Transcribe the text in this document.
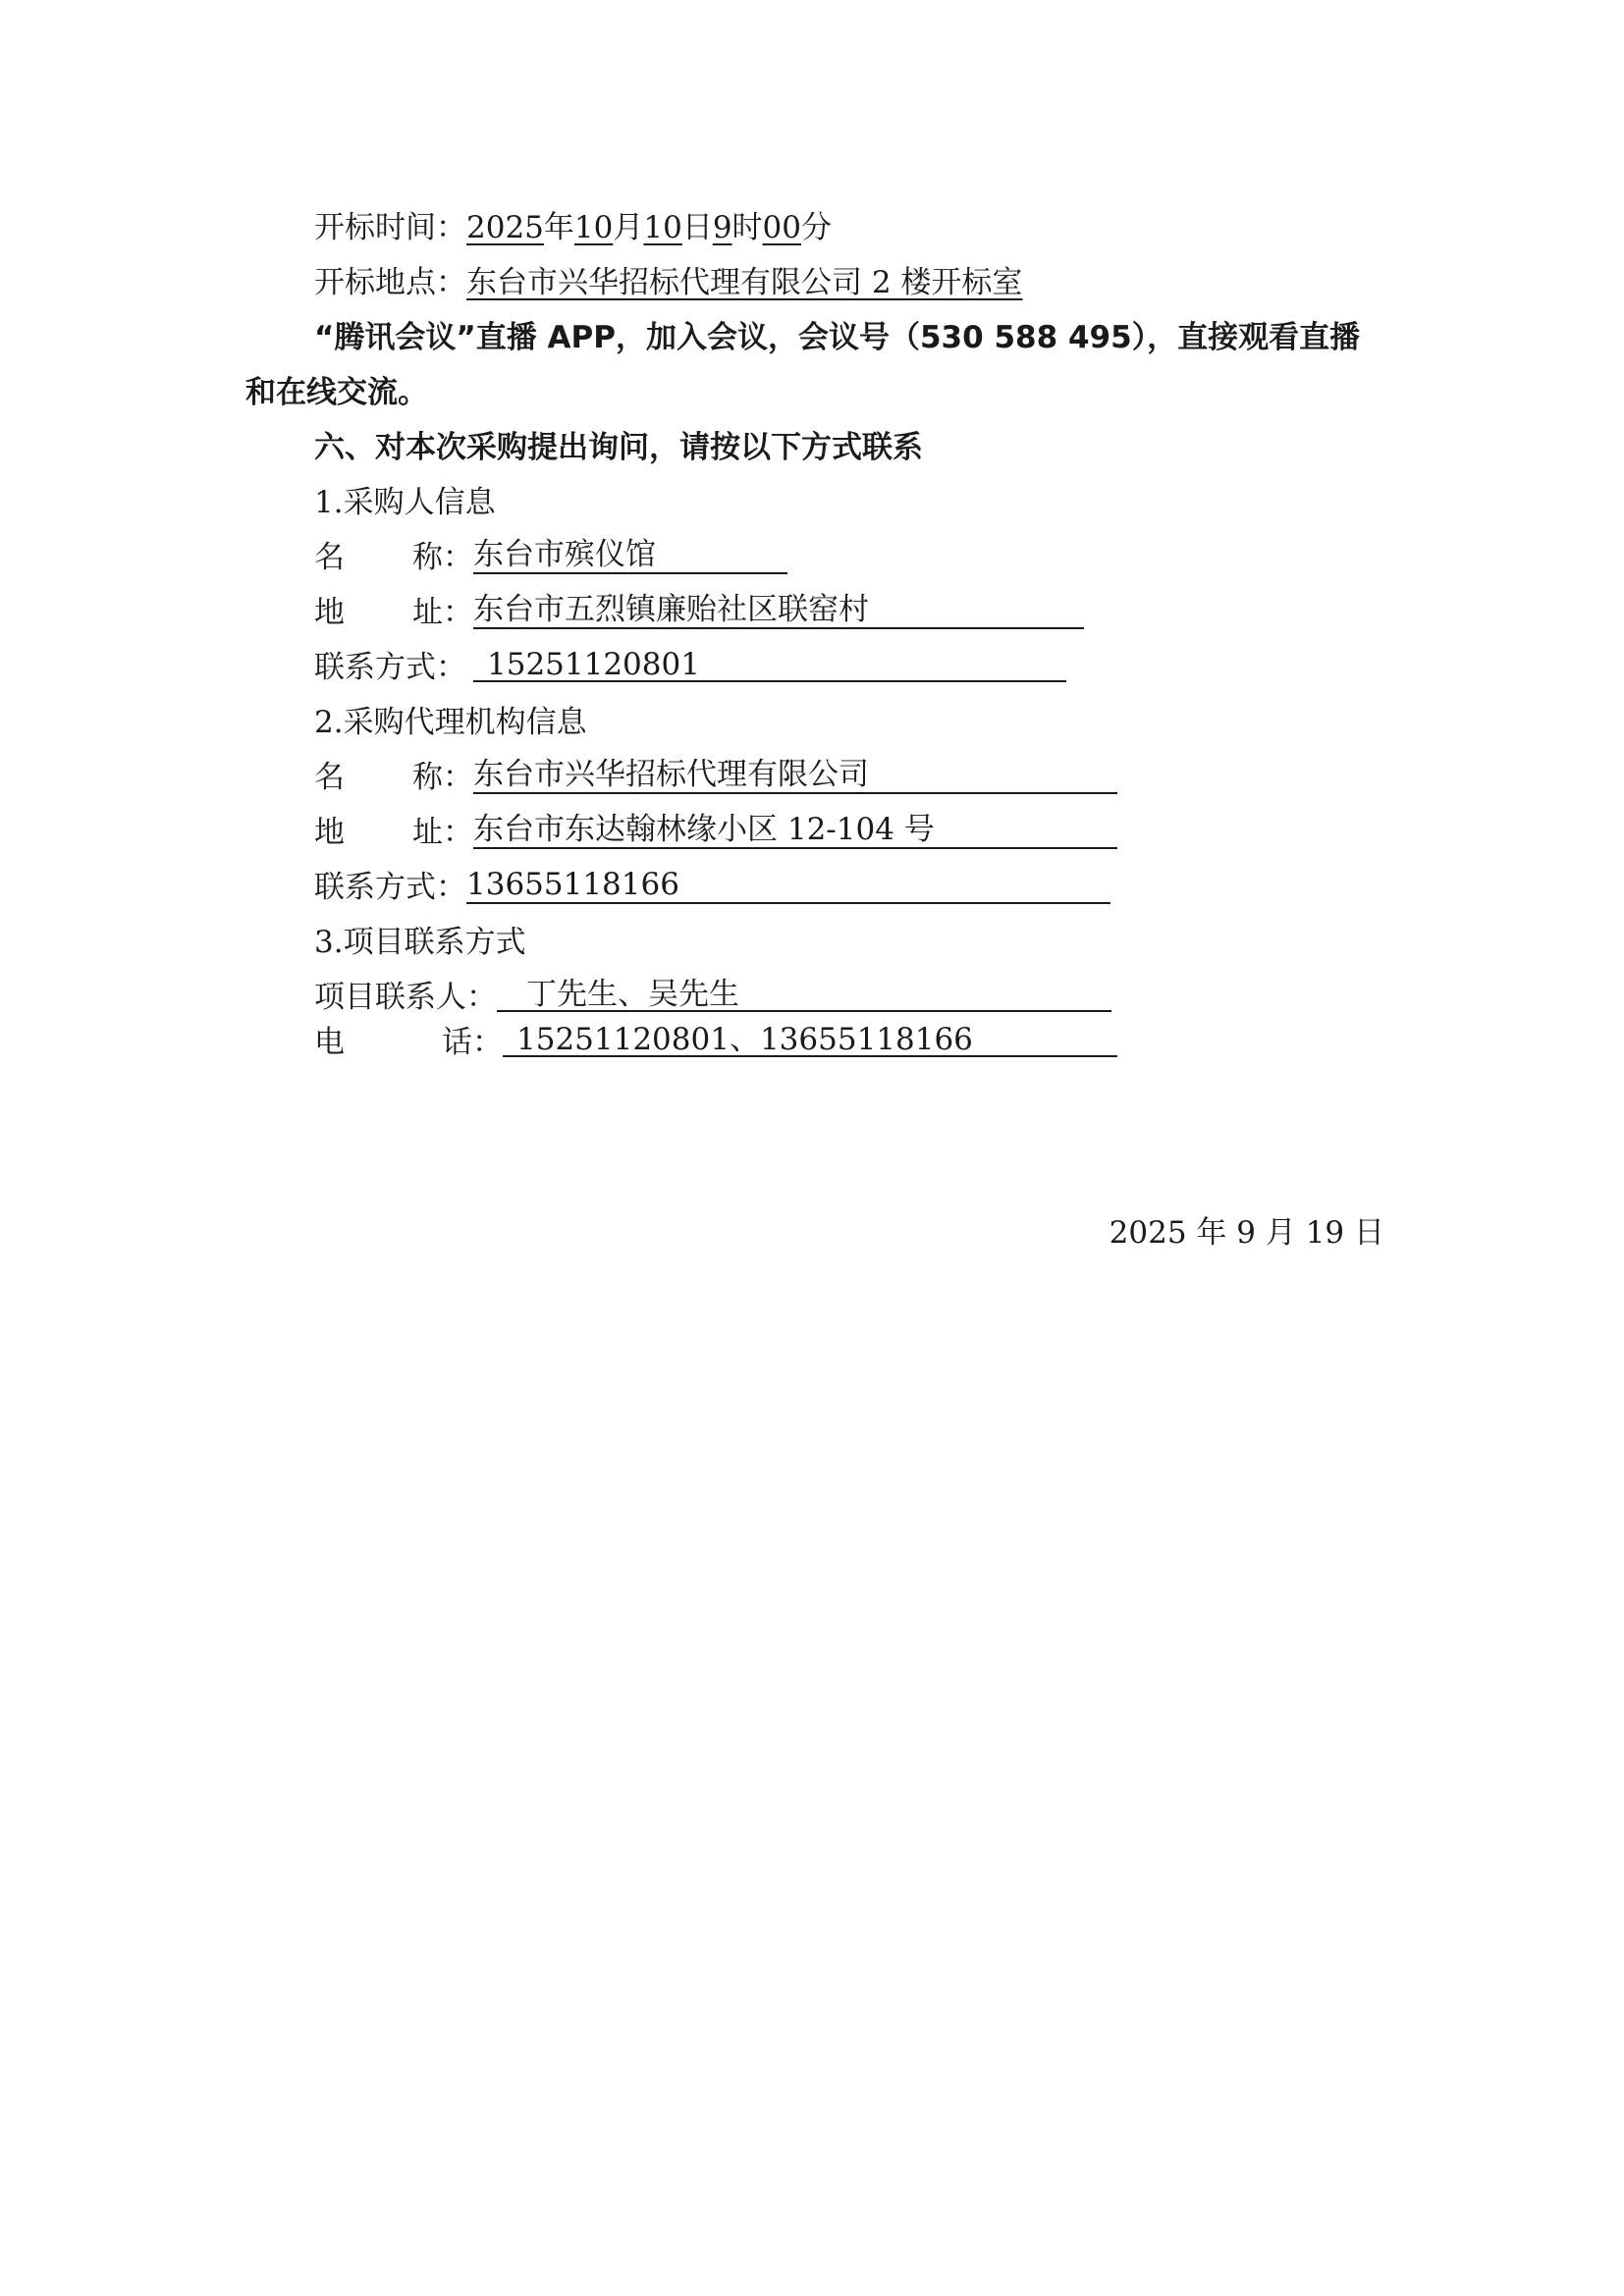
开标时间：2025年10月10日9时00分
开标地点：东台市兴华招标代理有限公司 2 楼开标室
“腾讯会议”直播 APP，加入会议，会议号（530 588 495），直接观看直播
和在线交流。
六、对本次采购提出询问，请按以下方式联系
1.采购人信息
名 称： 东台市殡仪馆
地 址： 东台市五烈镇廉贻社区联窑村
联系方式： 15251120801
2.采购代理机构信息
名 称： 东台市兴华招标代理有限公司
地 址： 东台市东达翰林缘小区 12-104 号
联系方式：13655118166
3.项目联系方式
项目联系人： 丁先生、吴先生
电	话： 15251120801、13655118166
2025 年 9 月 19 日
